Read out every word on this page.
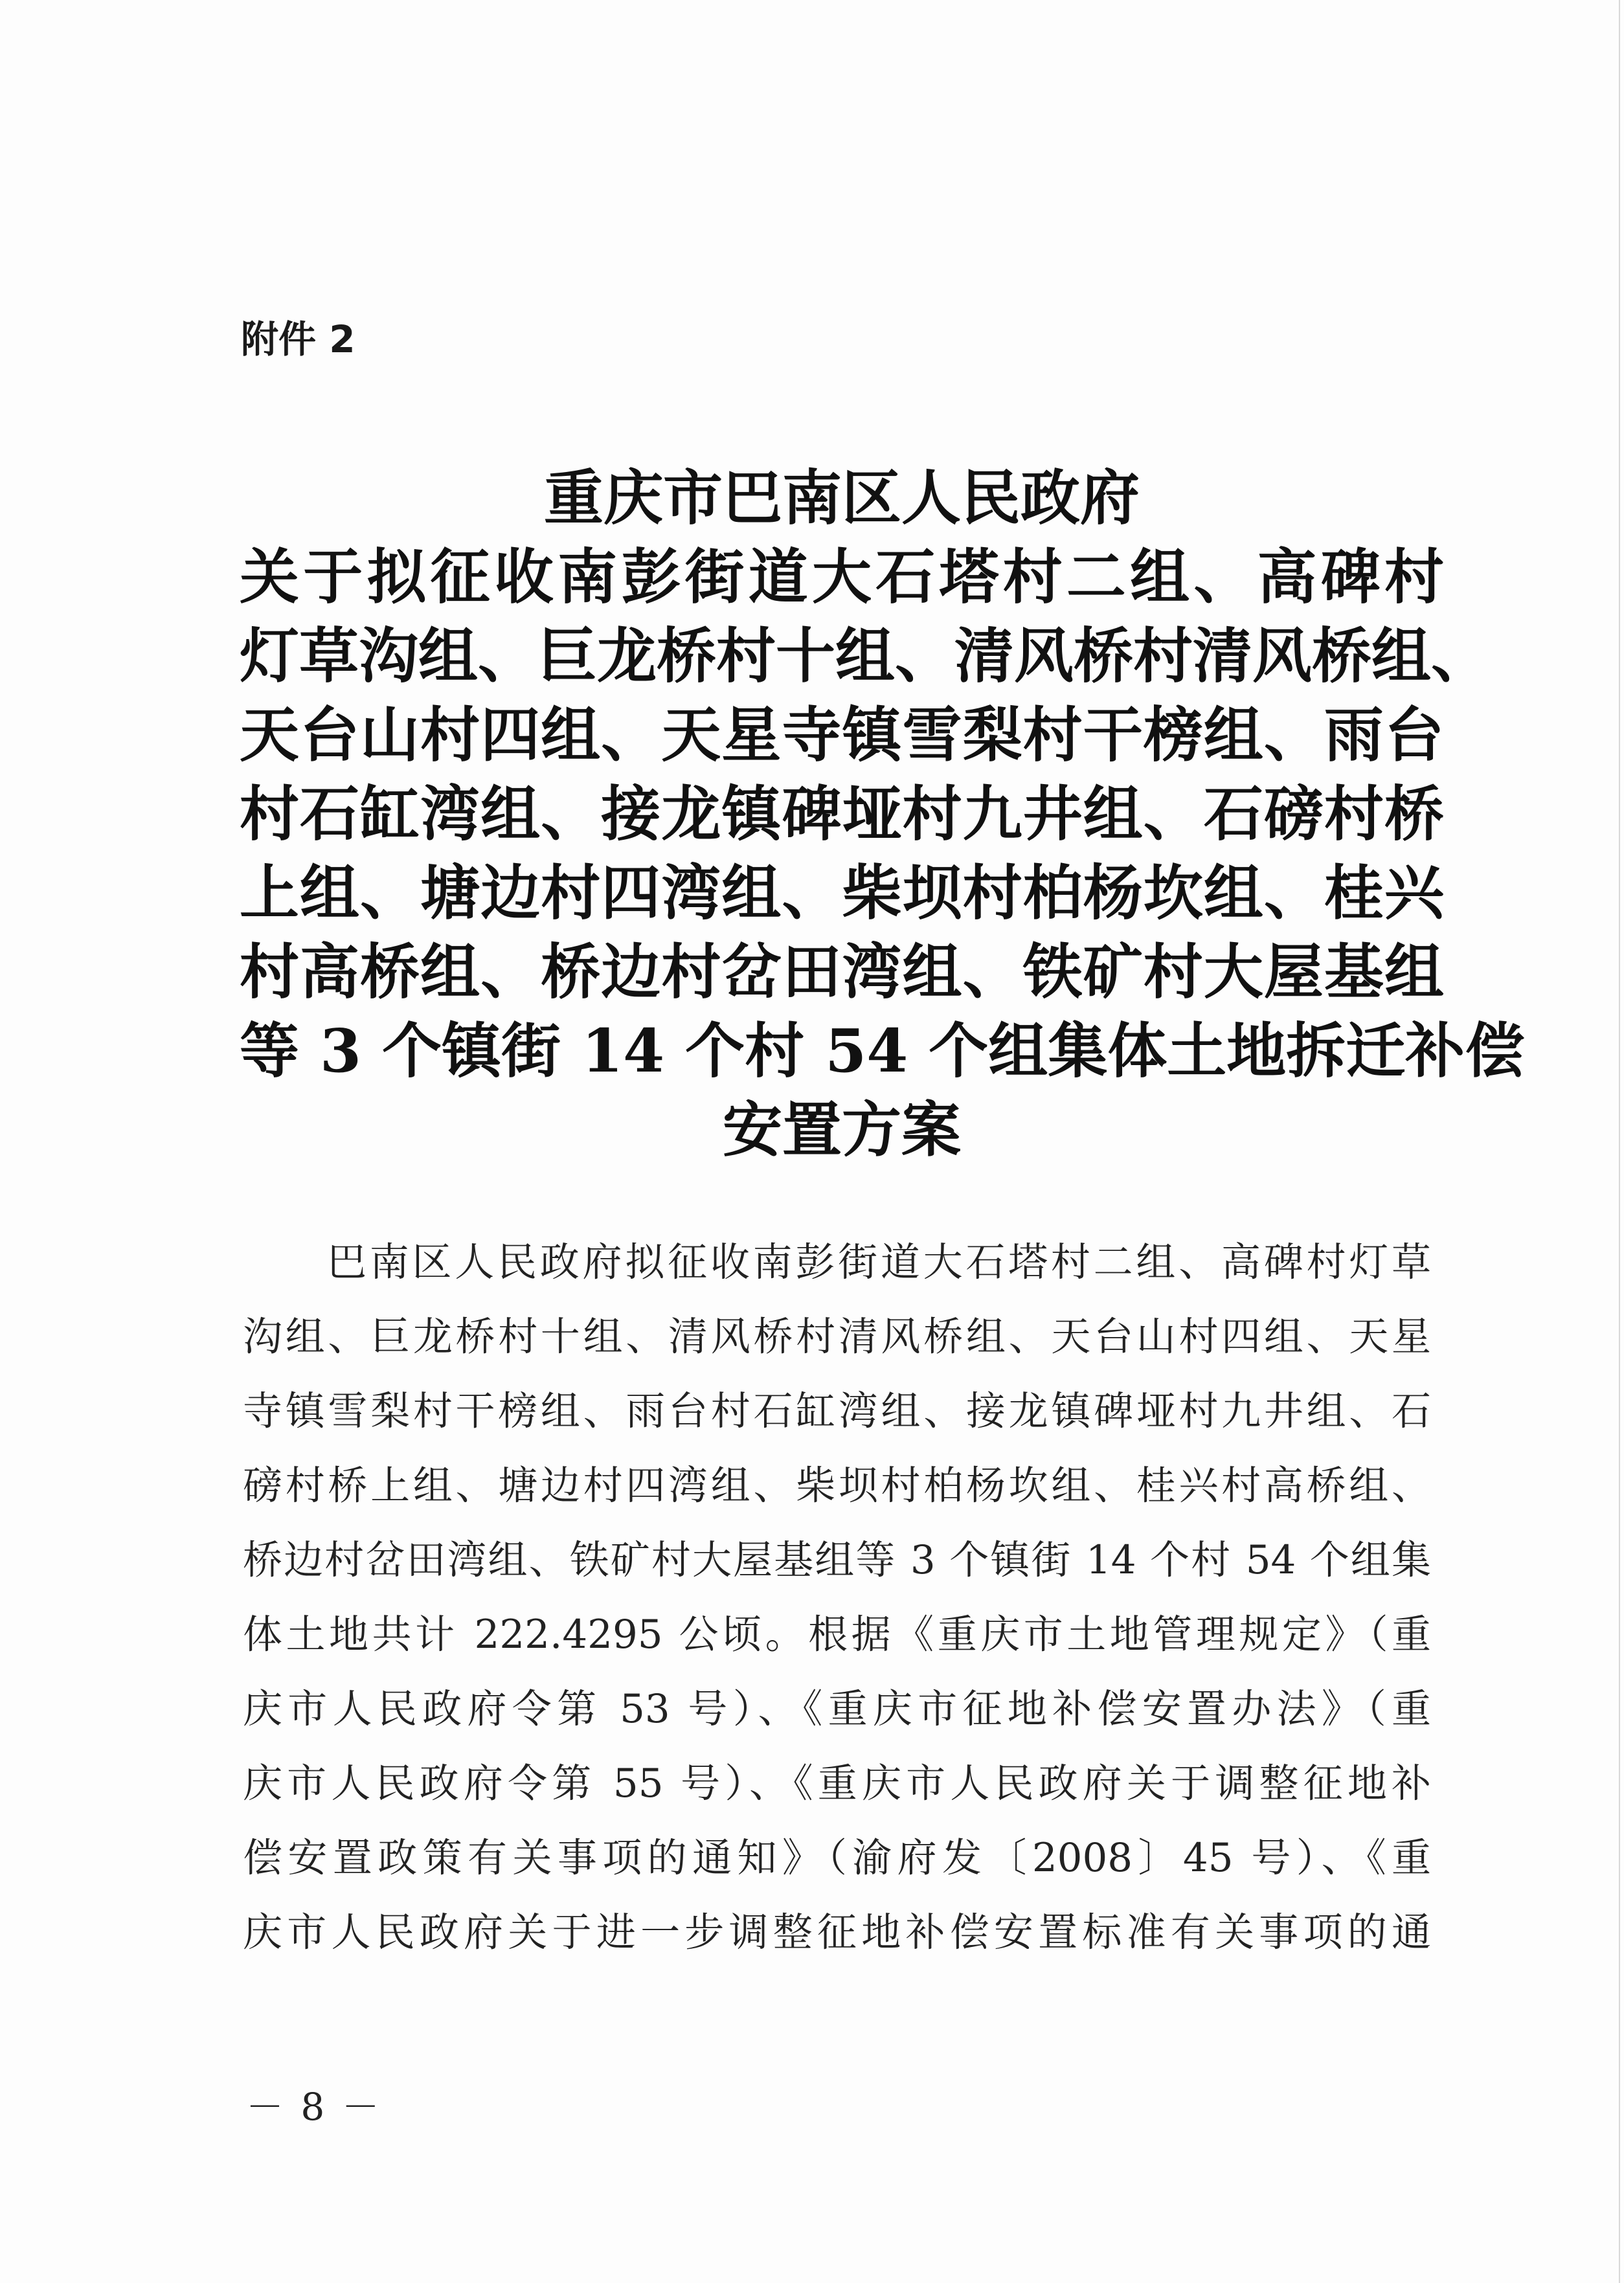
附件 2
重庆市巴南区人民政府
关于拟征收南彭街道大石塔村二组、高碑村
灯草沟组、巨龙桥村十组、清风桥村清风桥组、
天台山村四组、天星寺镇雪梨村干榜组、雨台
村石缸湾组、接龙镇碑垭村九井组、石磅村桥
上组、塘边村四湾组、柴坝村柏杨坎组、桂兴
村高桥组、桥边村岔田湾组、铁矿村大屋基组
等 3 个镇街 14 个村 54 个组集体土地拆迁补偿
安置方案
巴南区人民政府拟征收南彭街道大石塔村二组、高碑村灯草
沟组、巨龙桥村十组、清风桥村清风桥组、天台山村四组、天星
寺镇雪梨村干榜组、雨台村石缸湾组、接龙镇碑垭村九井组、石
磅村桥上组、塘边村四湾组、柴坝村柏杨坎组、桂兴村高桥组、
桥边村岔田湾组、铁矿村大屋基组等 3 个镇街 14 个村 54 个组集
体土地共计 222.4295 公顷。根据《重庆市土地管理规定》（重
庆市人民政府令第 53 号）、《重庆市征地补偿安置办法》（重
庆市人民政府令第 55 号）、《重庆市人民政府关于调整征地补
偿安置政策有关事项的通知》（渝府发〔2008〕45 号）、《重
庆市人民政府关于进一步调整征地补偿安置标准有关事项的通
－ 8 －
